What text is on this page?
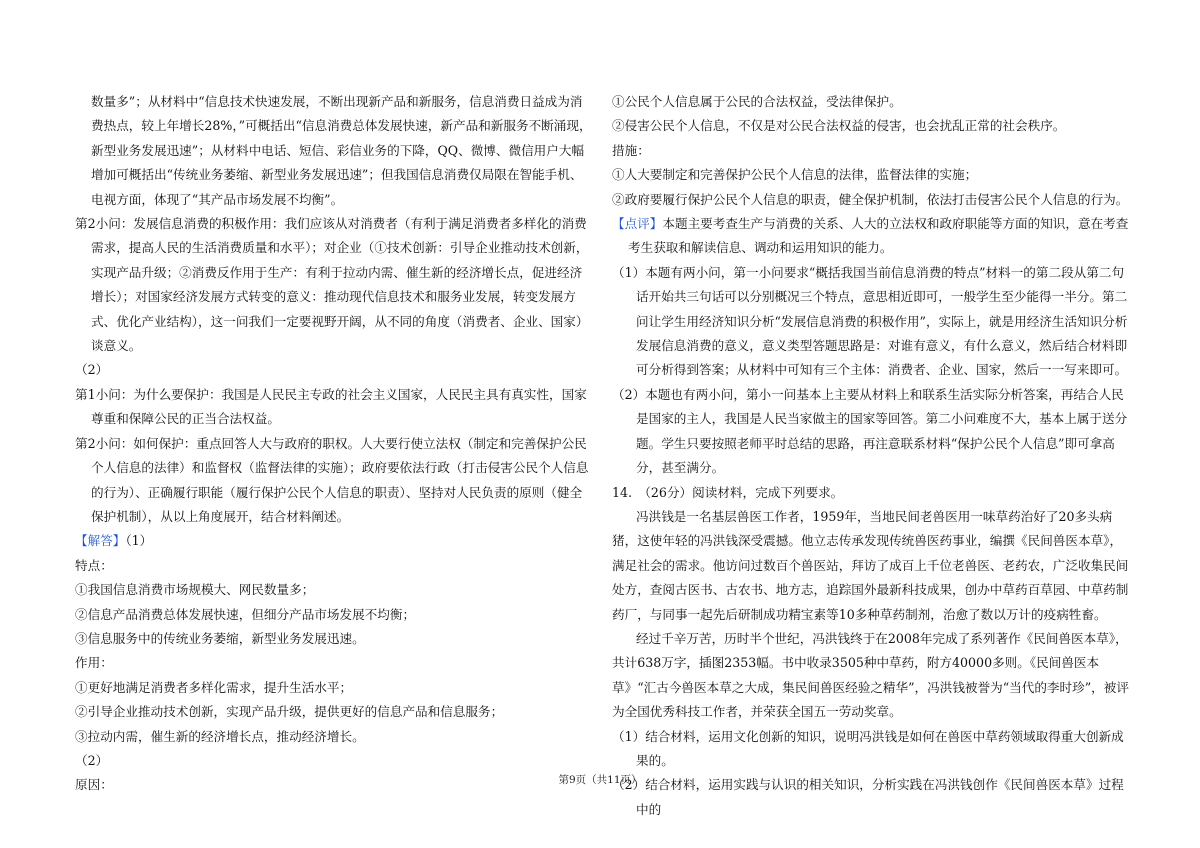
数量多”；从材料中“信息技术快速发展，不断出现新产品和新服务，信息消费日益成为消费热点，较上年增长28%，”可概括出“信息消费总体发展快速，新产品和新服务不断涌现，新型业务发展迅速”；从材料中电话、短信、彩信业务的下降，QQ、微博、微信用户大幅增加可概括出“传统业务萎缩、新型业务发展迅速”；但我国信息消费仅局限在智能手机、电视方面，体现了“其产品市场发展不均衡”。

第2小问：发展信息消费的积极作用：我们应该从对消费者（有利于满足消费者多样化的消费需求，提高人民的生活消费质量和水平）；对企业（①技术创新：引导企业推动技术创新，实现产品升级；②消费反作用于生产：有利于拉动内需、催生新的经济增长点，促进经济增长）；对国家经济发展方式转变的意义：推动现代信息技术和服务业发展，转变发展方式、优化产业结构），这一问我们一定要视野开阔，从不同的角度（消费者、企业、国家）谈意义。

（2）

第1小问：为什么要保护：我国是人民民主专政的社会主义国家，人民民主具有真实性，国家尊重和保障公民的正当合法权益。

第2小问：如何保护：重点回答人大与政府的职权。人大要行使立法权（制定和完善保护公民个人信息的法律）和监督权（监督法律的实施）；政府要依法行政（打击侵害公民个人信息的行为）、正确履行职能（履行保护公民个人信息的职责）、坚持对人民负责的原则（健全保护机制），从以上角度展开，结合材料阐述。

【解答】（1）

特点：

①我国信息消费市场规模大、网民数量多；

②信息产品消费总体发展快速，但细分产品市场发展不均衡；

③信息服务中的传统业务萎缩，新型业务发展迅速。

作用：

①更好地满足消费者多样化需求，提升生活水平；

②引导企业推动技术创新，实现产品升级，提供更好的信息产品和信息服务；

③拉动内需，催生新的经济增长点，推动经济增长。

（2）

原因：

①公民个人信息属于公民的合法权益，受法律保护。

②侵害公民个人信息，不仅是对公民合法权益的侵害，也会扰乱正常的社会秩序。

措施：

①人大要制定和完善保护公民个人信息的法律，监督法律的实施；

②政府要履行保护公民个人信息的职责，健全保护机制，依法打击侵害公民个人信息的行为。

【点评】本题主要考查生产与消费的关系、人大的立法权和政府职能等方面的知识，意在考查考生获取和解读信息、调动和运用知识的能力。

（1）本题有两小问，第一小问要求“概括我国当前信息消费的特点”材料一的第二段从第二句话开始共三句话可以分别概况三个特点，意思相近即可，一般学生至少能得一半分。第二问让学生用经济知识分析“发展信息消费的积极作用”，实际上，就是用经济生活知识分析发展信息消费的意义，意义类型答题思路是：对谁有意义，有什么意义，然后结合材料即可分析得到答案；从材料中可知有三个主体：消费者、企业、国家，然后一一写来即可。

（2）本题也有两小问，第小一问基本上主要从材料上和联系生活实际分析答案，再结合人民是国家的主人，我国是人民当家做主的国家等回答。第二小问难度不大，基本上属于送分题。学生只要按照老师平时总结的思路，再注意联系材料“保护公民个人信息”即可拿高分，甚至满分。

14.　（26分）阅读材料，完成下列要求。

冯洪钱是一名基层兽医工作者，1959年，当地民间老兽医用一味草药治好了20多头病猪，这使年轻的冯洪钱深受震撼。他立志传承发现传统兽医药事业，编撰《民间兽医本草》，满足社会的需求。他访问过数百个兽医站，拜访了成百上千位老兽医、老药农，广泛收集民间处方，查阅古医书、古农书、地方志，追踪国外最新科技成果，创办中草药百草园、中草药制药厂，与同事一起先后研制成功精宝素等10多种草药制剂，治愈了数以万计的疫病牲畜。

经过千辛万苦，历时半个世纪，冯洪钱终于在2008年完成了系列著作《民间兽医本草》，共计638万字，插图2353幅。书中收录3505种中草药，附方40000多则。《民间兽医本草》“汇古今兽医本草之大成，集民间兽医经验之精华”，冯洪钱被誉为“当代的李时珍”，被评为全国优秀科技工作者，并荣获全国五一劳动奖章。

（1）结合材料，运用文化创新的知识，说明冯洪钱是如何在兽医中草药领域取得重大创新成果的。

（2）结合材料，运用实践与认识的相关知识，分析实践在冯洪钱创作《民间兽医本草》过程中的

第9页（共11页）
